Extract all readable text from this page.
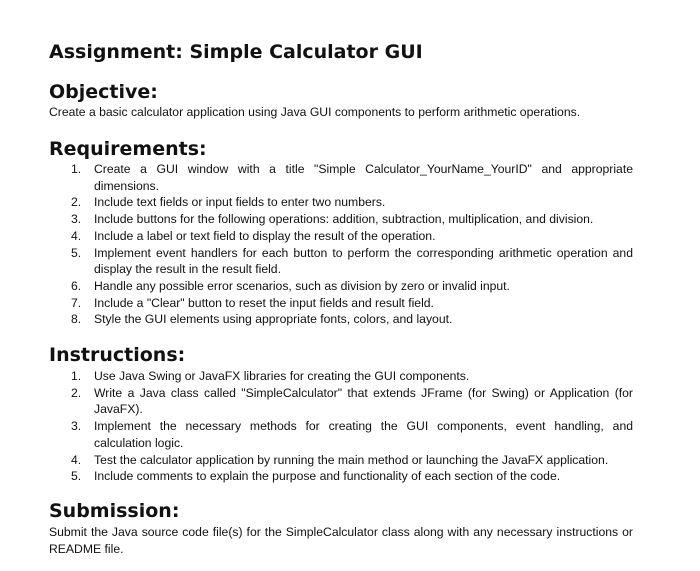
Assignment: Simple Calculator GUI
Objective:

Create a basic calculator application using Java GUI components to perform arithmetic operations.

Requirements:
1. Create a GUI window with a title "Simple Calculator_YourName_YourID" and appropriate dimensions.
2. Include text fields or input fields to enter two numbers.
3. Include buttons for the following operations: addition, subtraction, multiplication, and division.
4. Include a label or text field to display the result of the operation.
5. Implement event handlers for each button to perform the corresponding arithmetic operation and display the result in the result field.
6. Handle any possible error scenarios, such as division by zero or invalid input.
7. Include a "Clear" button to reset the input fields and result field.
8. Style the GUI elements using appropriate fonts, colors, and layout.
Instructions:
1. Use Java Swing or JavaFX libraries for creating the GUI components.
2. Write a Java class called "SimpleCalculator" that extends JFrame (for Swing) or Application (for JavaFX).
3. Implement the necessary methods for creating the GUI components, event handling, and calculation logic.
4. Test the calculator application by running the main method or launching the JavaFX application.
5. Include comments to explain the purpose and functionality of each section of the code.
Submission:

Submit the Java source code file(s) for the SimpleCalculator class along with any necessary instructions or README file.
